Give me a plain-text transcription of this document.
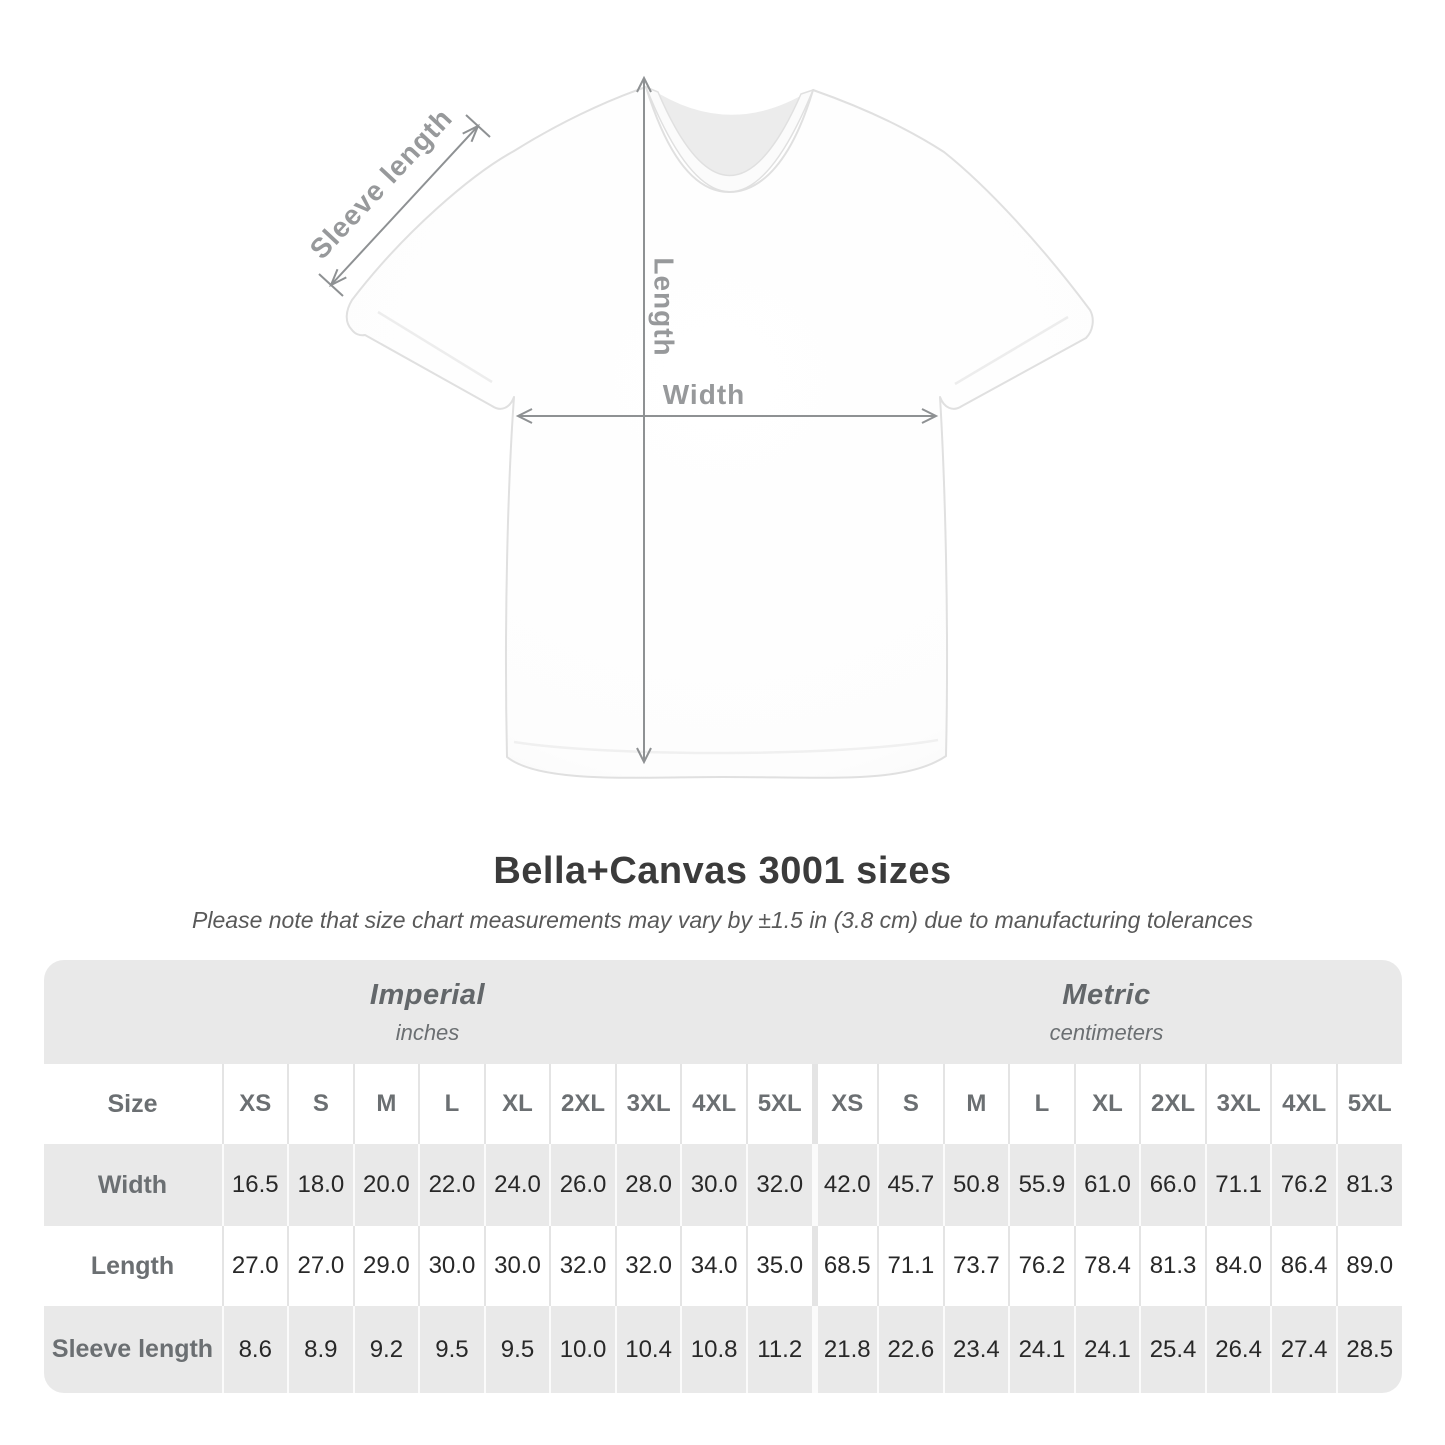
Sleeve length
Length
Width
Bella+Canvas 3001 sizes

Please note that size chart measurements may vary by ±1.5 in (3.8 cm) due to manufacturing tolerances

Imperial
inches
Metric
centimeters
Size	XS	S	M	L	XL	2XL 3XL 4XL 5XL	XS	S	M	L	XL	2XL 3XL 4XL 5XL
Width	16.5 18.0 20.0 22.0 24.0 26.0 28.0 30.0 32.0 42.0 45.7 50.8 55.9 61.0 66.0 71.1 76.2 81.3
Length	27.0 27.0 29.0 30.0 30.0 32.0 32.0 34.0 35.0 68.5 71.1 73.7 76.2 78.4 81.3 84.0 86.4 89.0
Sleeve length	8.6	8.9	9.2	9.5	9.5	10.0 10.4 10.8 11.2 21.8 22.6 23.4 24.1 24.1 25.4 26.4 27.4 28.5
